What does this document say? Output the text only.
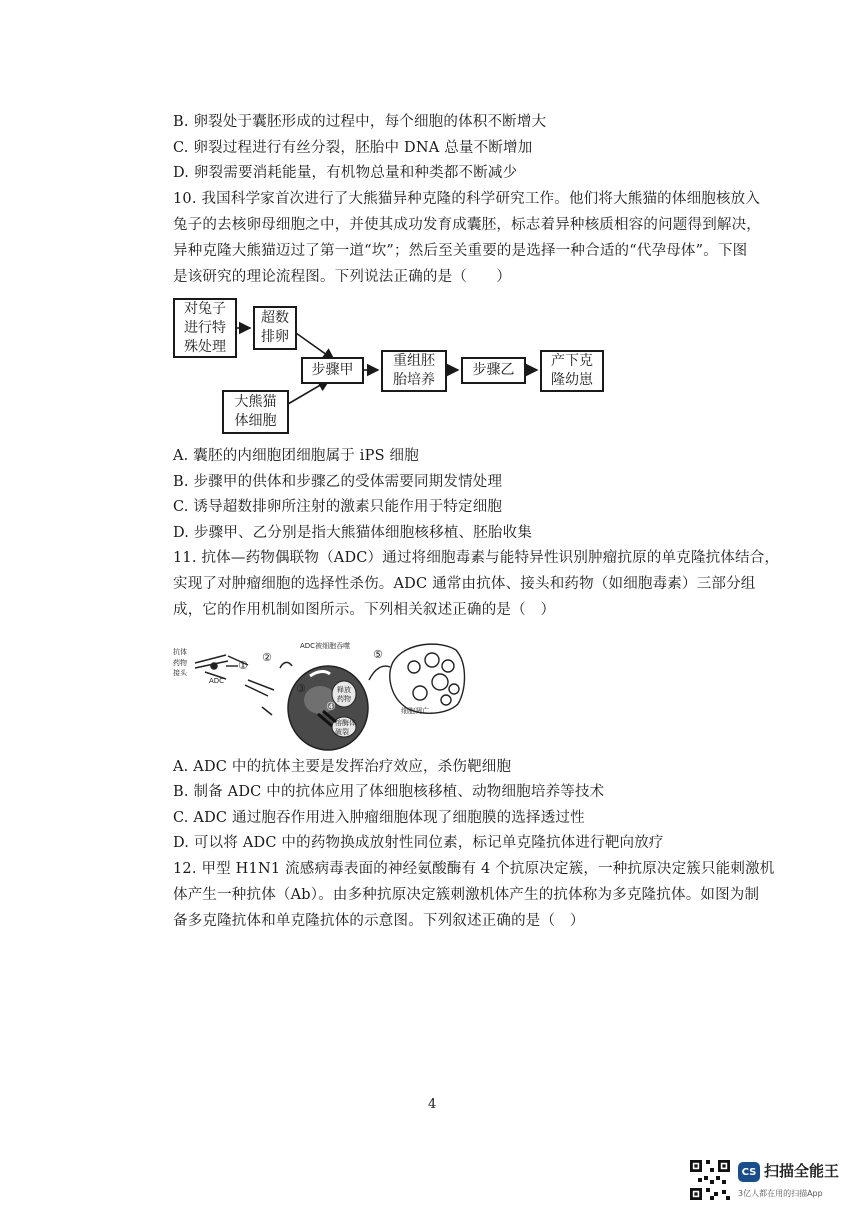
B. 卵裂处于囊胚形成的过程中，每个细胞的体积不断增大
C. 卵裂过程进行有丝分裂，胚胎中 DNA 总量不断增加
D. 卵裂需要消耗能量，有机物总量和种类都不断减少
10. 我国科学家首次进行了大熊猫异种克隆的科学研究工作。他们将大熊猫的体细胞核放入
兔子的去核卵母细胞之中，并使其成功发育成囊胚，标志着异种核质相容的问题得到解决，
异种克隆大熊猫迈过了第一道“坎”；然后至关重要的是选择一种合适的“代孕母体”。下图
是该研究的理论流程图。下列说法正确的是（　　）
A. 囊胚的内细胞团细胞属于 iPS 细胞
B. 步骤甲的供体和步骤乙的受体需要同期发情处理
C. 诱导超数排卵所注射的激素只能作用于特定细胞
D. 步骤甲、乙分别是指大熊猫体细胞核移植、胚胎收集
11. 抗体—药物偶联物（ADC）通过将细胞毒素与能特异性识别肿瘤抗原的单克隆抗体结合，
实现了对肿瘤细胞的选择性杀伤。ADC 通常由抗体、接头和药物（如细胞毒素）三部分组
成，它的作用机制如图所示。下列相关叙述正确的是（　）
A. ADC 中的抗体主要是发挥治疗效应，杀伤靶细胞
B. 制备 ADC 中的抗体应用了体细胞核移植、动物细胞培养等技术
C. ADC 通过胞吞作用进入肿瘤细胞体现了细胞膜的选择透过性
D. 可以将 ADC 中的药物换成放射性同位素，标记单克隆抗体进行靶向放疗
12. 甲型 H1N1 流感病毒表面的神经氨酸酶有 4 个抗原决定簇，一种抗原决定簇只能刺激机
体产生一种抗体（Ab）。由多种抗原决定簇刺激机体产生的抗体称为多克隆抗体。如图为制
备多克隆抗体和单克隆抗体的示意图。下列叙述正确的是（　）
对兔子
进行特
殊处理
超数
排卵
步骤甲
重组胚
胎培养
步骤乙
产下克
隆幼崽
大熊猫
体细胞
抗体
药物
接头
ADC
①
②
③
④
⑤
ADC被细胞吞噬
释放
药物
溶酶体
破裂
细胞凋亡
4
CS 扫描全能王
3亿人都在用的扫描App
